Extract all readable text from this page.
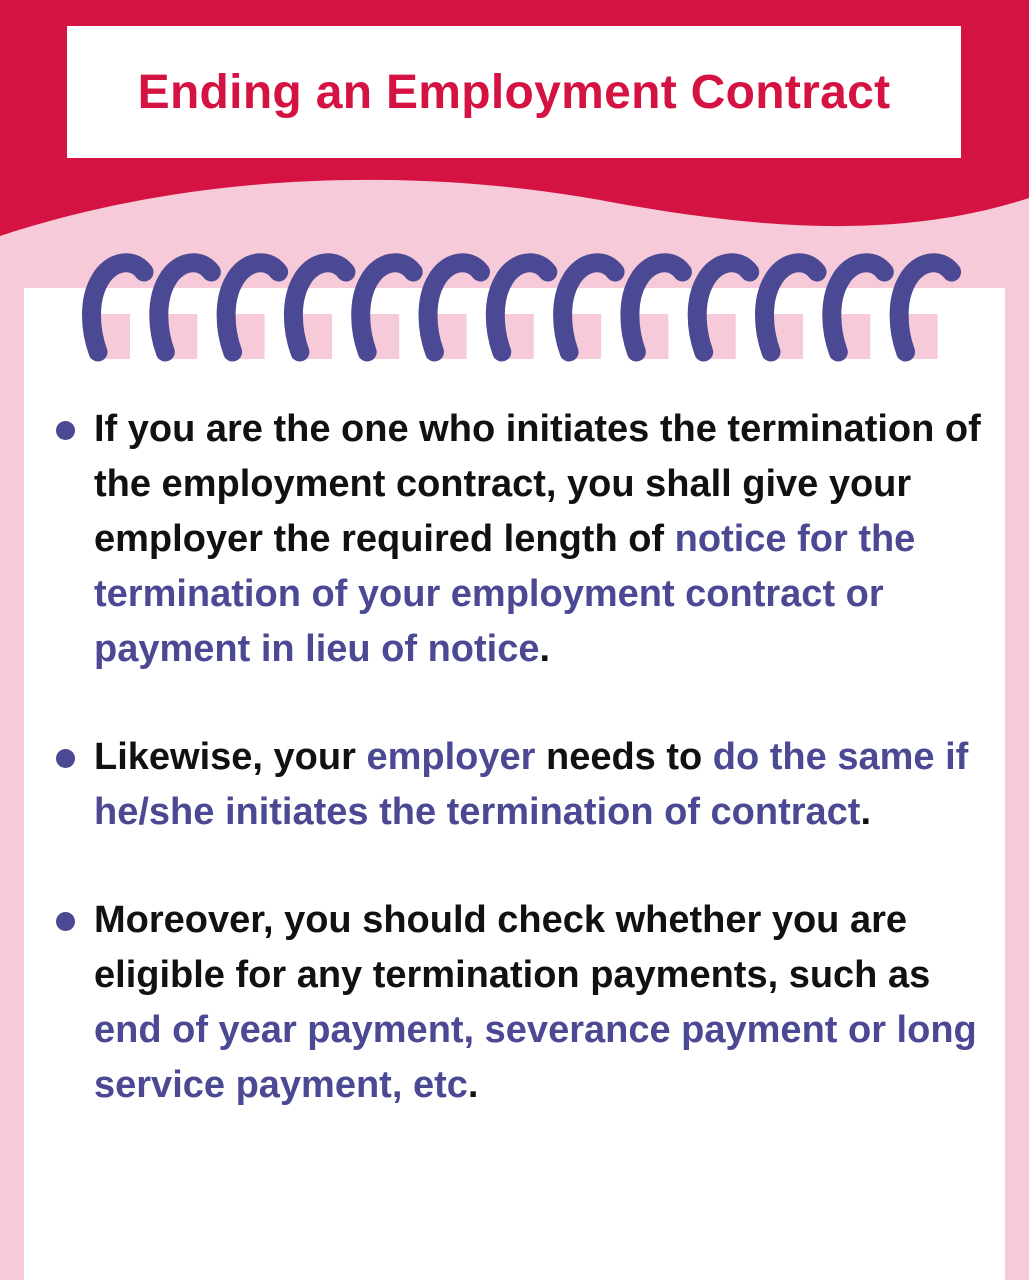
Ending an Employment Contract
If you are the one who initiates the termination of the employment contract, you shall give your employer the required length of notice for the termination of your employment contract or payment in lieu of notice.
Likewise, your employer needs to do the same if he/she initiates the termination of contract.
Moreover, you should check whether you are eligible for any termination payments, such as end of year payment, severance payment or long service payment, etc.
